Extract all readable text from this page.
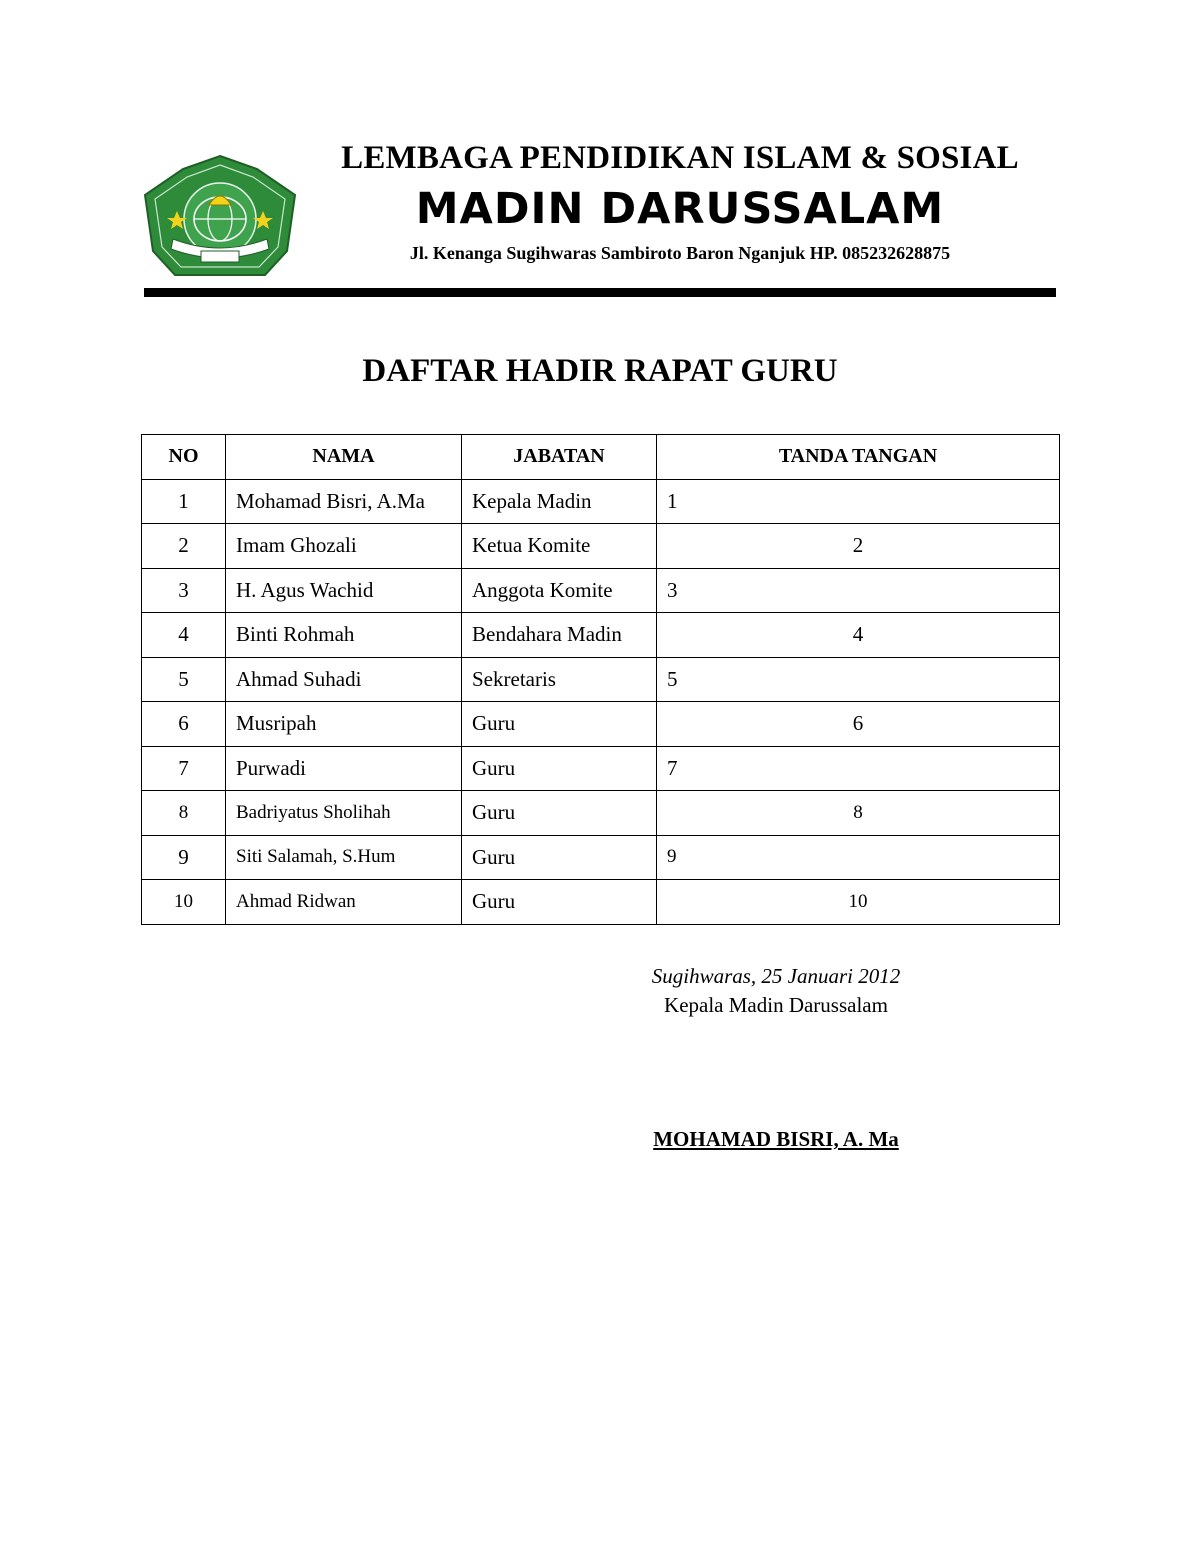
LEMBAGA PENDIDIKAN ISLAM & SOSIAL
MADIN DARUSSALAM
Jl. Kenanga Sugihwaras Sambiroto Baron Nganjuk HP. 085232628875
DAFTAR HADIR RAPAT GURU
NO	NAMA	JABATAN	TANDA TANGAN
1	Mohamad Bisri, A.Ma	Kepala Madin	1
2	Imam Ghozali	Ketua Komite	2
3	H. Agus Wachid	Anggota Komite	3
4	Binti Rohmah	Bendahara Madin	4
5	Ahmad Suhadi	Sekretaris	5
6	Musripah	Guru	6
7	Purwadi	Guru	7
8	Badriyatus Sholihah	Guru	8
9	Siti Salamah, S.Hum	Guru	9
10	Ahmad Ridwan	Guru	10
Sugihwaras, 25 Januari 2012
Kepala Madin Darussalam
MOHAMAD BISRI, A. Ma
